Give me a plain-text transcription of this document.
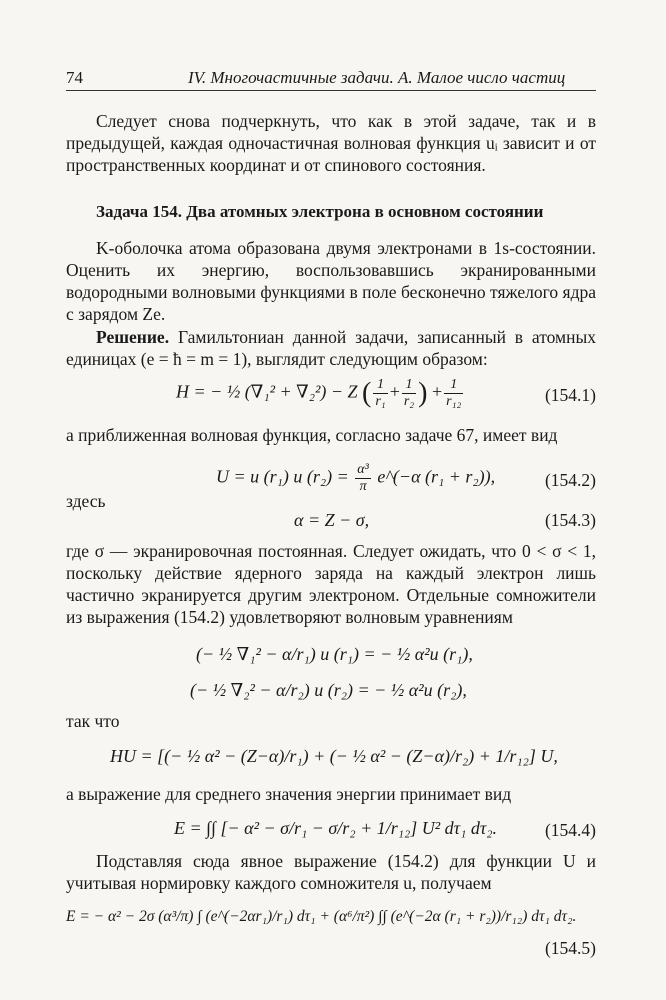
74	IV. Многочастичные задачи. А. Малое число частиц

Следует снова подчеркнуть, что как в этой задаче, так и в предыдущей, каждая одночастичная волновая функция uᵢ зависит и от пространственных координат и от спинового состояния.

Задача 154. Два атомных электрона в основном состоянии

K-оболочка атома образована двумя электронами в 1s-состоянии. Оценить их энергию, воспользовавшись экранированными водородными волновыми функциями в поле бесконечно тяжелого ядра с зарядом Ze.

Решение. Гамильтониан данной задачи, записанный в атомных единицах (e = ħ = m = 1), выглядит следующим образом:

H = − ½ (∇₁² + ∇₂²) − Z ( $\frac{1}{\text{r₁}} + \frac{1}{\text{r₂}}$ ) + $\frac{1}{\text{r₁₂}}$	(154.1)

а приближенная волновая функция, согласно задаче 67, имеет вид

U = u (r₁) u $(r_2) = \frac{\text{α³}}{\pi}$ e^(−α (r₁ + r₂)),	(154.2)

здесь

α = Z − σ,	(154.3)

где σ — экранировочная постоянная. Следует ожидать, что 0 < σ < 1, поскольку действие ядерного заряда на каждый электрон лишь частично экранируется другим электроном. Отдельные сомножители из выражения (154.2) удовлетворяют волновым уравнениям

(− ½ ∇₁² − α/r₁) u (r₁) = − ½ α²u (r₁),
(− ½ ∇₂² − α/r₂) u (r₂) = − ½ α²u (r₂),

так что

HU = [(− ½ α² − (Z−α)/r₁) + (− ½ α² − (Z−α)/r₂) + 1/r₁₂] U,

а выражение для среднего значения энергии принимает вид

E = ∫∫ [− α² − σ/r₁ − σ/r₂ + 1/r₁₂] U² dτ₁ dτ₂.	(154.4)

Подставляя сюда явное выражение (154.2) для функции U и учитывая нормировку каждого сомножителя u, получаем

E = − α² − 2σ (α³/π) ∫ (e^(−2αr₁)/r₁) dτ₁ + (α⁶/π²) ∫∫ (e^(−2α (r₁ + r₂))/r₁₂) dτ₁ dτ₂.
(154.5)
